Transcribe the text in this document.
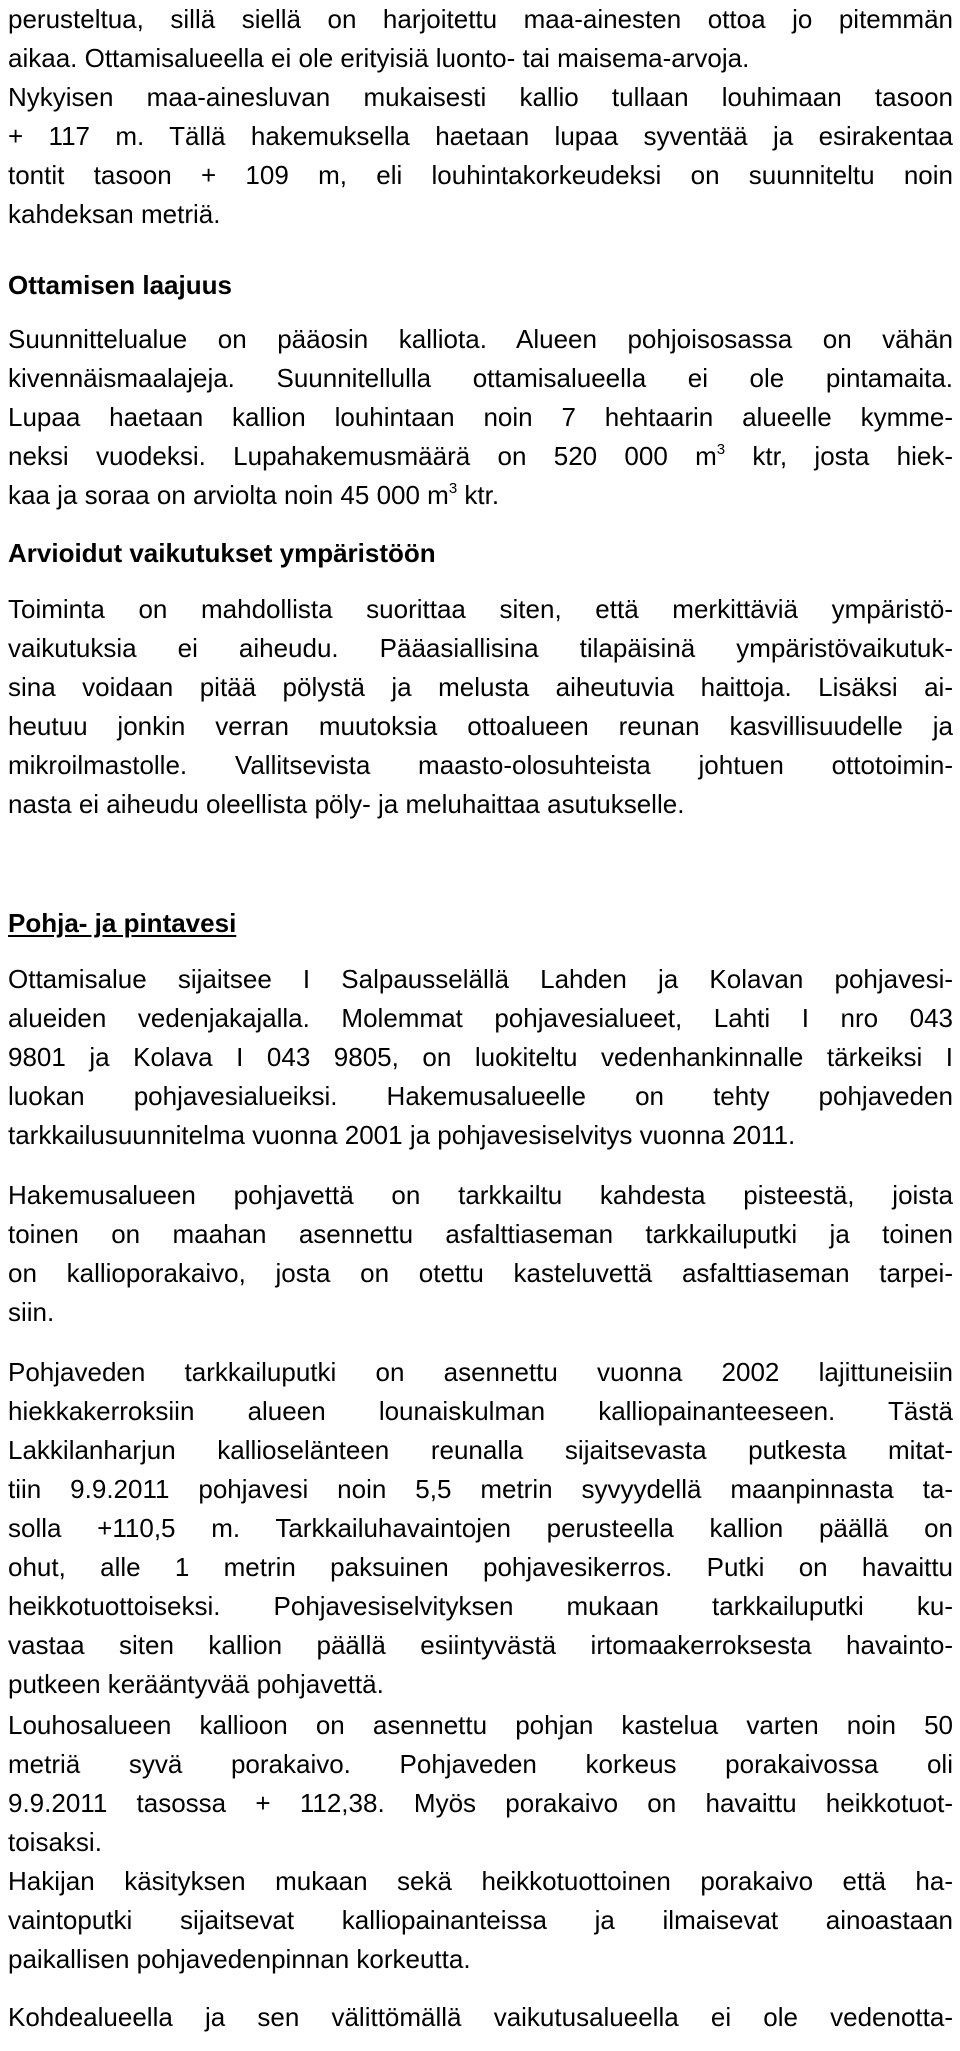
perusteltua, sillä siellä on harjoitettu maa-ainesten ottoa jo pitemmän
aikaa. Ottamisalueella ei ole erityisiä luonto- tai maisema-arvoja.
Nykyisen maa-ainesluvan mukaisesti kallio tullaan louhimaan tasoon
+ 117 m. Tällä hakemuksella haetaan lupaa syventää ja esirakentaa
tontit tasoon + 109 m, eli louhintakorkeudeksi on suunniteltu noin
kahdeksan metriä.
Ottamisen laajuus
Suunnittelualue on pääosin kalliota. Alueen pohjoisosassa on vähän
kivennäismaalajeja. Suunnitellulla ottamisalueella ei ole pintamaita.
Lupaa haetaan kallion louhintaan noin 7 hehtaarin alueelle kymme-
neksi vuodeksi. Lupahakemusmäärä on 520 000 $m^3$ ktr, josta hiek-
kaa ja soraa on arviolta noin 45 000 $m^3$ ktr.
Arvioidut vaikutukset ympäristöön
Toiminta on mahdollista suorittaa siten, että merkittäviä ympäristö-
vaikutuksia ei aiheudu. Pääasiallisina tilapäisinä ympäristövaikutuk-
sina voidaan pitää pölystä ja melusta aiheutuvia haittoja. Lisäksi ai-
heutuu jonkin verran muutoksia ottoalueen reunan kasvillisuudelle ja
mikroilmastolle. Vallitsevista maasto-olosuhteista johtuen ottotoimin-
nasta ei aiheudu oleellista pöly- ja meluhaittaa asutukselle.
Pohja- ja pintavesi
Ottamisalue sijaitsee I Salpausselällä Lahden ja Kolavan pohjavesi-
alueiden vedenjakajalla. Molemmat pohjavesialueet, Lahti I nro 043
9801 ja Kolava I 043 9805, on luokiteltu vedenhankinnalle tärkeiksi I
luokan pohjavesialueiksi. Hakemusalueelle on tehty pohjaveden
tarkkailusuunnitelma vuonna 2001 ja pohjavesiselvitys vuonna 2011.
Hakemusalueen pohjavettä on tarkkailtu kahdesta pisteestä, joista
toinen on maahan asennettu asfalttiaseman tarkkailuputki ja toinen
on kallioporakaivo, josta on otettu kasteluvettä asfalttiaseman tarpei-
siin.
Pohjaveden tarkkailuputki on asennettu vuonna 2002 lajittuneisiin
hiekkakerroksiin alueen lounaiskulman kalliopainanteeseen. Tästä
Lakkilanharjun kallioselänteen reunalla sijaitsevasta putkesta mitat-
tiin 9.9.2011 pohjavesi noin 5,5 metrin syvyydellä maanpinnasta ta-
solla +110,5 m. Tarkkailuhavaintojen perusteella kallion päällä on
ohut, alle 1 metrin paksuinen pohjavesikerros. Putki on havaittu
heikkotuottoiseksi. Pohjavesiselvityksen mukaan tarkkailuputki ku-
vastaa siten kallion päällä esiintyvästä irtomaakerroksesta havainto-
putkeen kerääntyvää pohjavettä.
Louhosalueen kallioon on asennettu pohjan kastelua varten noin 50
metriä syvä porakaivo. Pohjaveden korkeus porakaivossa oli
9.9.2011 tasossa + 112,38. Myös porakaivo on havaittu heikkotuot-
toisaksi.
Hakijan käsityksen mukaan sekä heikkotuottoinen porakaivo että ha-
vaintoputki sijaitsevat kalliopainanteissa ja ilmaisevat ainoastaan
paikallisen pohjavedenpinnan korkeutta.
Kohdealueella ja sen välittömällä vaikutusalueella ei ole vedenotta-
